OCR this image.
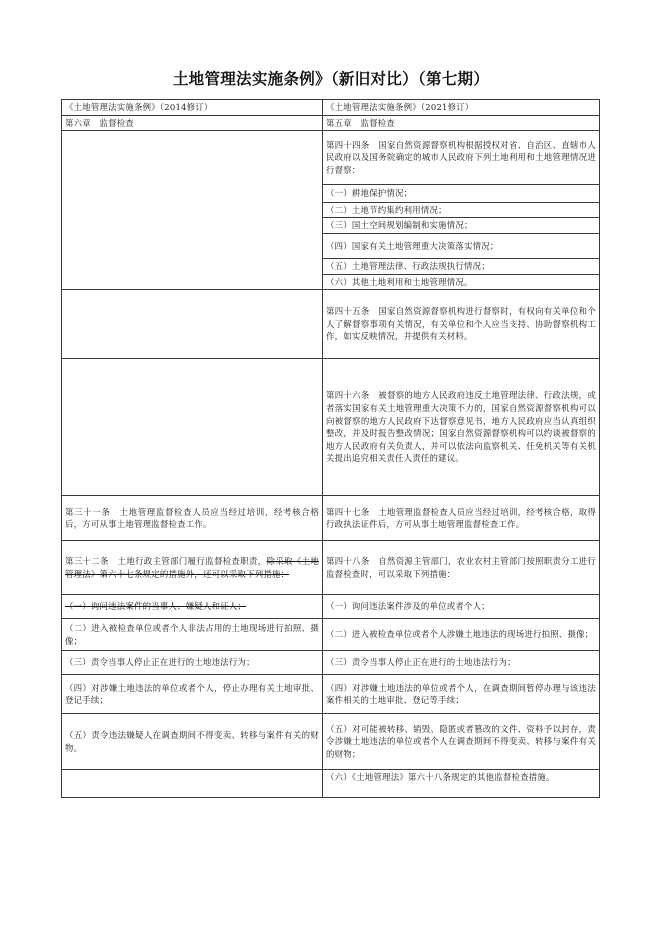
土地管理法实施条例》（新旧对比）（第七期）
《土地管理法实施条例》（2014修订）	《土地管理法实施条例》（2021修订）
第六章　监督检查	第五章　监督检查
	第四十四条　国家自然资源督察机构根据授权对省、自治区、直辖市人民政府以及国务院确定的城市人民政府下列土地利用和土地管理情况进行督察：
	（一）耕地保护情况；
	（二）土地节约集约利用情况；
	（三）国土空间规划编制和实施情况；
	（四）国家有关土地管理重大决策落实情况；
	（五）土地管理法律、行政法规执行情况；
	（六）其他土地利用和土地管理情况。
	第四十五条　国家自然资源督察机构进行督察时，有权向有关单位和个人了解督察事项有关情况，有关单位和个人应当支持、协助督察机构工作，如实反映情况，并提供有关材料。
	第四十六条　被督察的地方人民政府违反土地管理法律、行政法规，或者落实国家有关土地管理重大决策不力的，国家自然资源督察机构可以向被督察的地方人民政府下达督察意见书，地方人民政府应当认真组织整改，并及时报告整改情况；国家自然资源督察机构可以约谈被督察的地方人民政府有关负责人，并可以依法向监察机关、任免机关等有关机关提出追究相关责任人责任的建议。
第三十一条　土地管理监督检查人员应当经过培训，经考核合格后，方可从事土地管理监督检查工作。	第四十七条　土地管理监督检查人员应当经过培训，经考核合格，取得行政执法证件后，方可从事土地管理监督检查工作。
第三十二条　土地行政主管部门履行监督检查职责，除采取《土地管理法》第六十七条规定的措施外，还可以采取下列措施：	第四十八条　自然资源主管部门，农业农村主管部门按照职责分工进行监督检查时，可以采取下列措施：
（一）询问违法案件的当事人、嫌疑人和证人；	（一）询问违法案件涉及的单位或者个人；
（二）进入被检查单位或者个人非法占用的土地现场进行拍照、摄像；	（二）进入被检查单位或者个人涉嫌土地违法的现场进行拍照、摄像；
（三）责令当事人停止正在进行的土地违法行为；	（三）责令当事人停止正在进行的土地违法行为；
（四）对涉嫌土地违法的单位或者个人，停止办理有关土地审批、登记手续；	（四）对涉嫌土地违法的单位或者个人，在调查期间暂停办理与该违法案件相关的土地审批、登记等手续；
（五）责令违法嫌疑人在调查期间不得变卖、转移与案件有关的财物。	（五）对可能被转移、销毁、隐匿或者篡改的文件、资料予以封存，责令涉嫌土地违法的单位或者个人在调查期间不得变卖、转移与案件有关的财物；
	（六）《土地管理法》第六十八条规定的其他监督检查措施。
